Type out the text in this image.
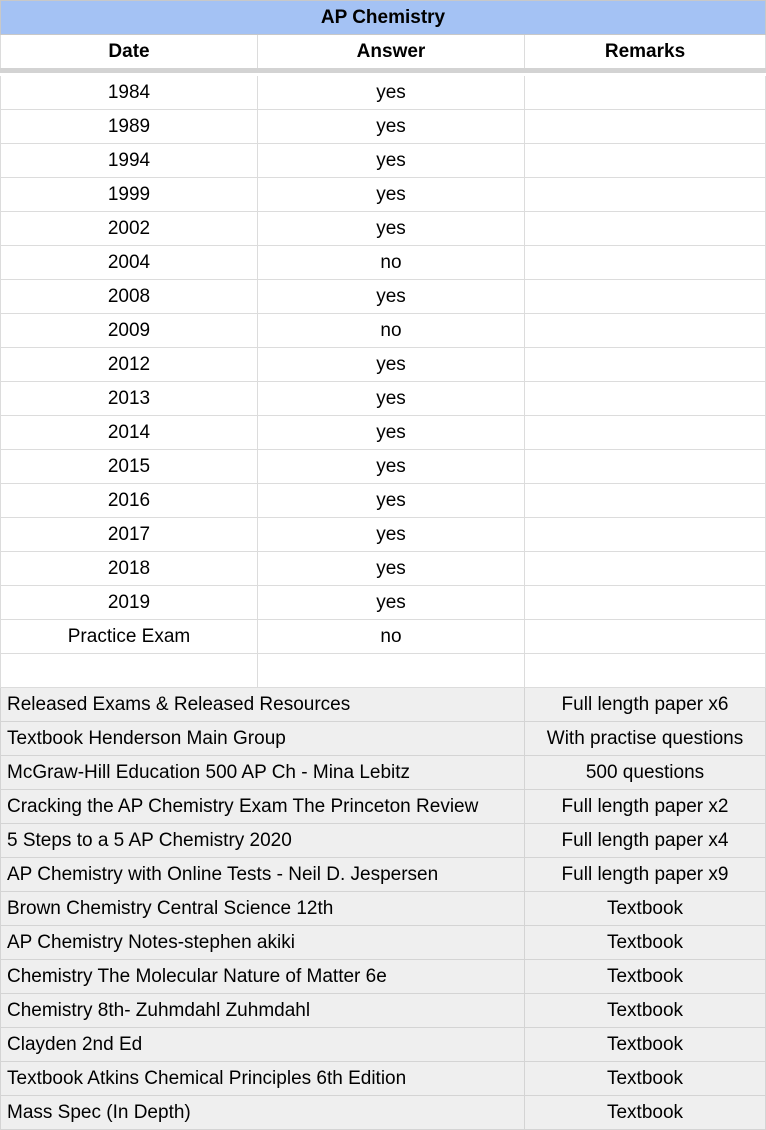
AP Chemistry
Date	Answer	Remarks
1984	yes
1989	yes
1994	yes
1999	yes
2002	yes
2004	no
2008	yes
2009	no
2012	yes
2013	yes
2014	yes
2015	yes
2016	yes
2017	yes
2018	yes
2019	yes
Practice Exam	no
Released Exams & Released Resources	Full length paper x6
Textbook Henderson Main Group	With practise questions
McGraw-Hill Education 500 AP Ch - Mina Lebitz	500 questions
Cracking the AP Chemistry Exam The Princeton Review	Full length paper x2
5 Steps to a 5 AP Chemistry 2020	Full length paper x4
AP Chemistry with Online Tests - Neil D. Jespersen	Full length paper x9
Brown Chemistry Central Science 12th	Textbook
AP Chemistry Notes-stephen akiki	Textbook
Chemistry The Molecular Nature of Matter 6e	Textbook
Chemistry 8th- Zuhmdahl Zuhmdahl	Textbook
Clayden 2nd Ed	Textbook
Textbook Atkins Chemical Principles 6th Edition	Textbook
Mass Spec (In Depth)	Textbook
